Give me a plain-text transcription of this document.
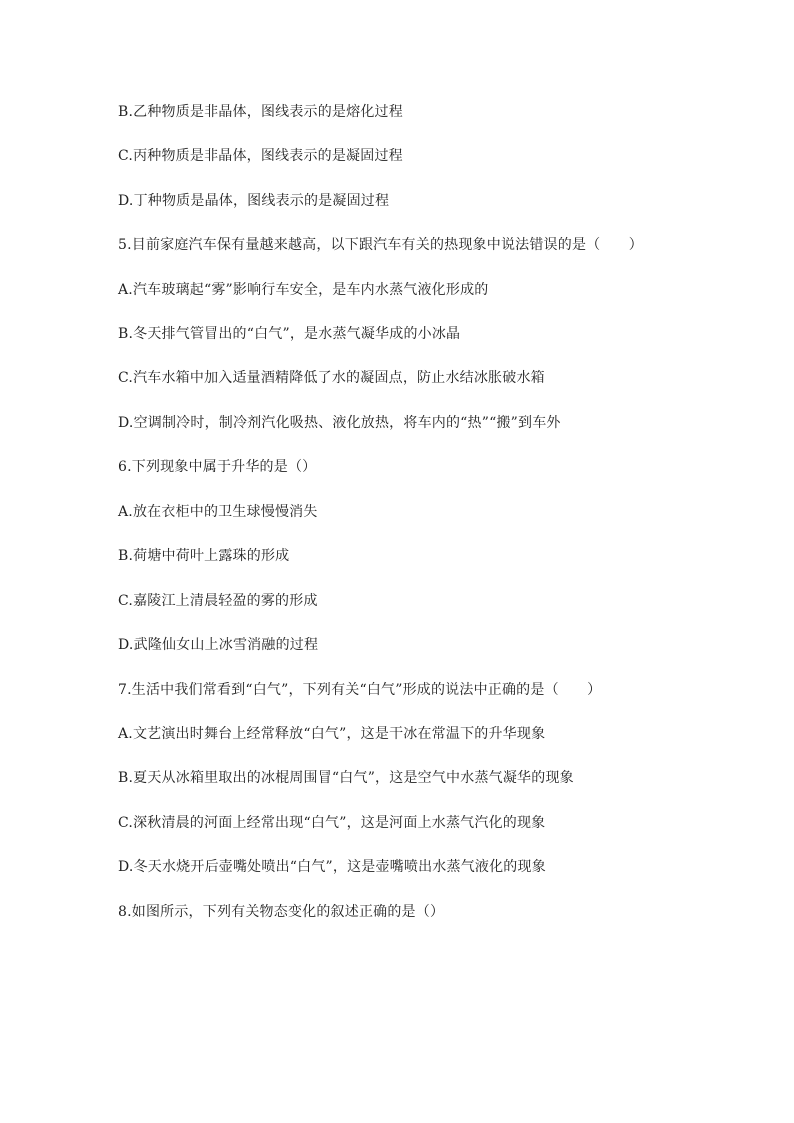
B.乙种物质是非晶体，图线表示的是熔化过程
C.丙种物质是非晶体，图线表示的是凝固过程
D.丁种物质是晶体，图线表示的是凝固过程
5.目前家庭汽车保有量越来越高，以下跟汽车有关的热现象中说法错误的是（　　）
A.汽车玻璃起“雾”影响行车安全，是车内水蒸气液化形成的
B.冬天排气管冒出的“白气”，是水蒸气凝华成的小冰晶
C.汽车水箱中加入适量酒精降低了水的凝固点，防止水结冰胀破水箱
D.空调制冷时，制冷剂汽化吸热、液化放热，将车内的“热”“搬”到车外
6.下列现象中属于升华的是（）
A.放在衣柜中的卫生球慢慢消失
B.荷塘中荷叶上露珠的形成
C.嘉陵江上清晨轻盈的雾的形成
D.武隆仙女山上冰雪消融的过程
7.生活中我们常看到“白气”，下列有关“白气”形成的说法中正确的是（　　）
A.文艺演出时舞台上经常释放“白气”，这是干冰在常温下的升华现象
B.夏天从冰箱里取出的冰棍周围冒“白气”，这是空气中水蒸气凝华的现象
C.深秋清晨的河面上经常出现“白气”，这是河面上水蒸气汽化的现象
D.冬天水烧开后壶嘴处喷出“白气”，这是壶嘴喷出水蒸气液化的现象
8.如图所示，下列有关物态变化的叙述正确的是（）
